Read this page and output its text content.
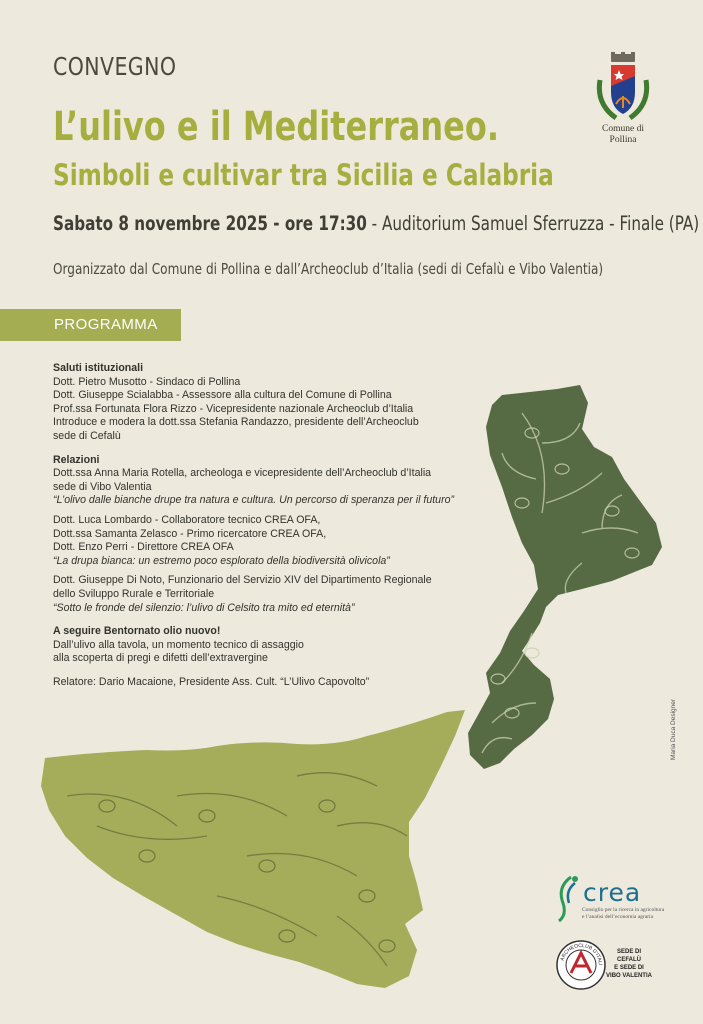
CONVEGNO
L’ulivo e il Mediterraneo.
Simboli e cultivar tra Sicilia e Calabria
Sabato 8 novembre 2025 - ore 17:30 - Auditorium Samuel Sferruzza - Finale (PA)
Organizzato dal Comune di Pollina e dall’Archeoclub d’Italia (sedi di Cefalù e Vibo Valentia)
Comune di
Pollina
PROGRAMMA
Saluti istituzionali
Dott. Pietro Musotto - Sindaco di Pollina
Dott. Giuseppe Scialabba - Assessore alla cultura del Comune di Pollina
Prof.ssa Fortunata Flora Rizzo - Vicepresidente nazionale Archeoclub d’Italia
Introduce e modera la dott.ssa Stefania Randazzo, presidente dell’Archeoclub
sede di Cefalù
Relazioni
Dott.ssa Anna Maria Rotella, archeologa e vicepresidente dell’Archeoclub d’Italia
sede di Vibo Valentia
“L’olivo dalle bianche drupe tra natura e cultura. Un percorso di speranza per il futuro”
Dott. Luca Lombardo - Collaboratore tecnico CREA OFA,
Dott.ssa Samanta Zelasco - Primo ricercatore CREA OFA,
Dott. Enzo Perri - Direttore CREA OFA
“La drupa bianca: un estremo poco esplorato della biodiversità olivicola”
Dott. Giuseppe Di Noto, Funzionario del Servizio XIV del Dipartimento Regionale
dello Sviluppo Rurale e Territoriale
“Sotto le fronde del silenzio: l’ulivo di Celsito tra mito ed eternità”
A seguire Bentornato olio nuovo!
Dall’ulivo alla tavola, un momento tecnico di assaggio
alla scoperta di pregi e difetti dell’extravergine
Relatore: Dario Macaione, Presidente Ass. Cult. “L’Ulivo Capovolto”
Maria Duca Designer
crea
Consiglio per la ricerca in agricoltura
e l’analisi dell’economia agraria
ARCHEOCLUB D’ITALI
SEDE DI
CEFALÙ
E SEDE DI
VIBO VALENTIA
